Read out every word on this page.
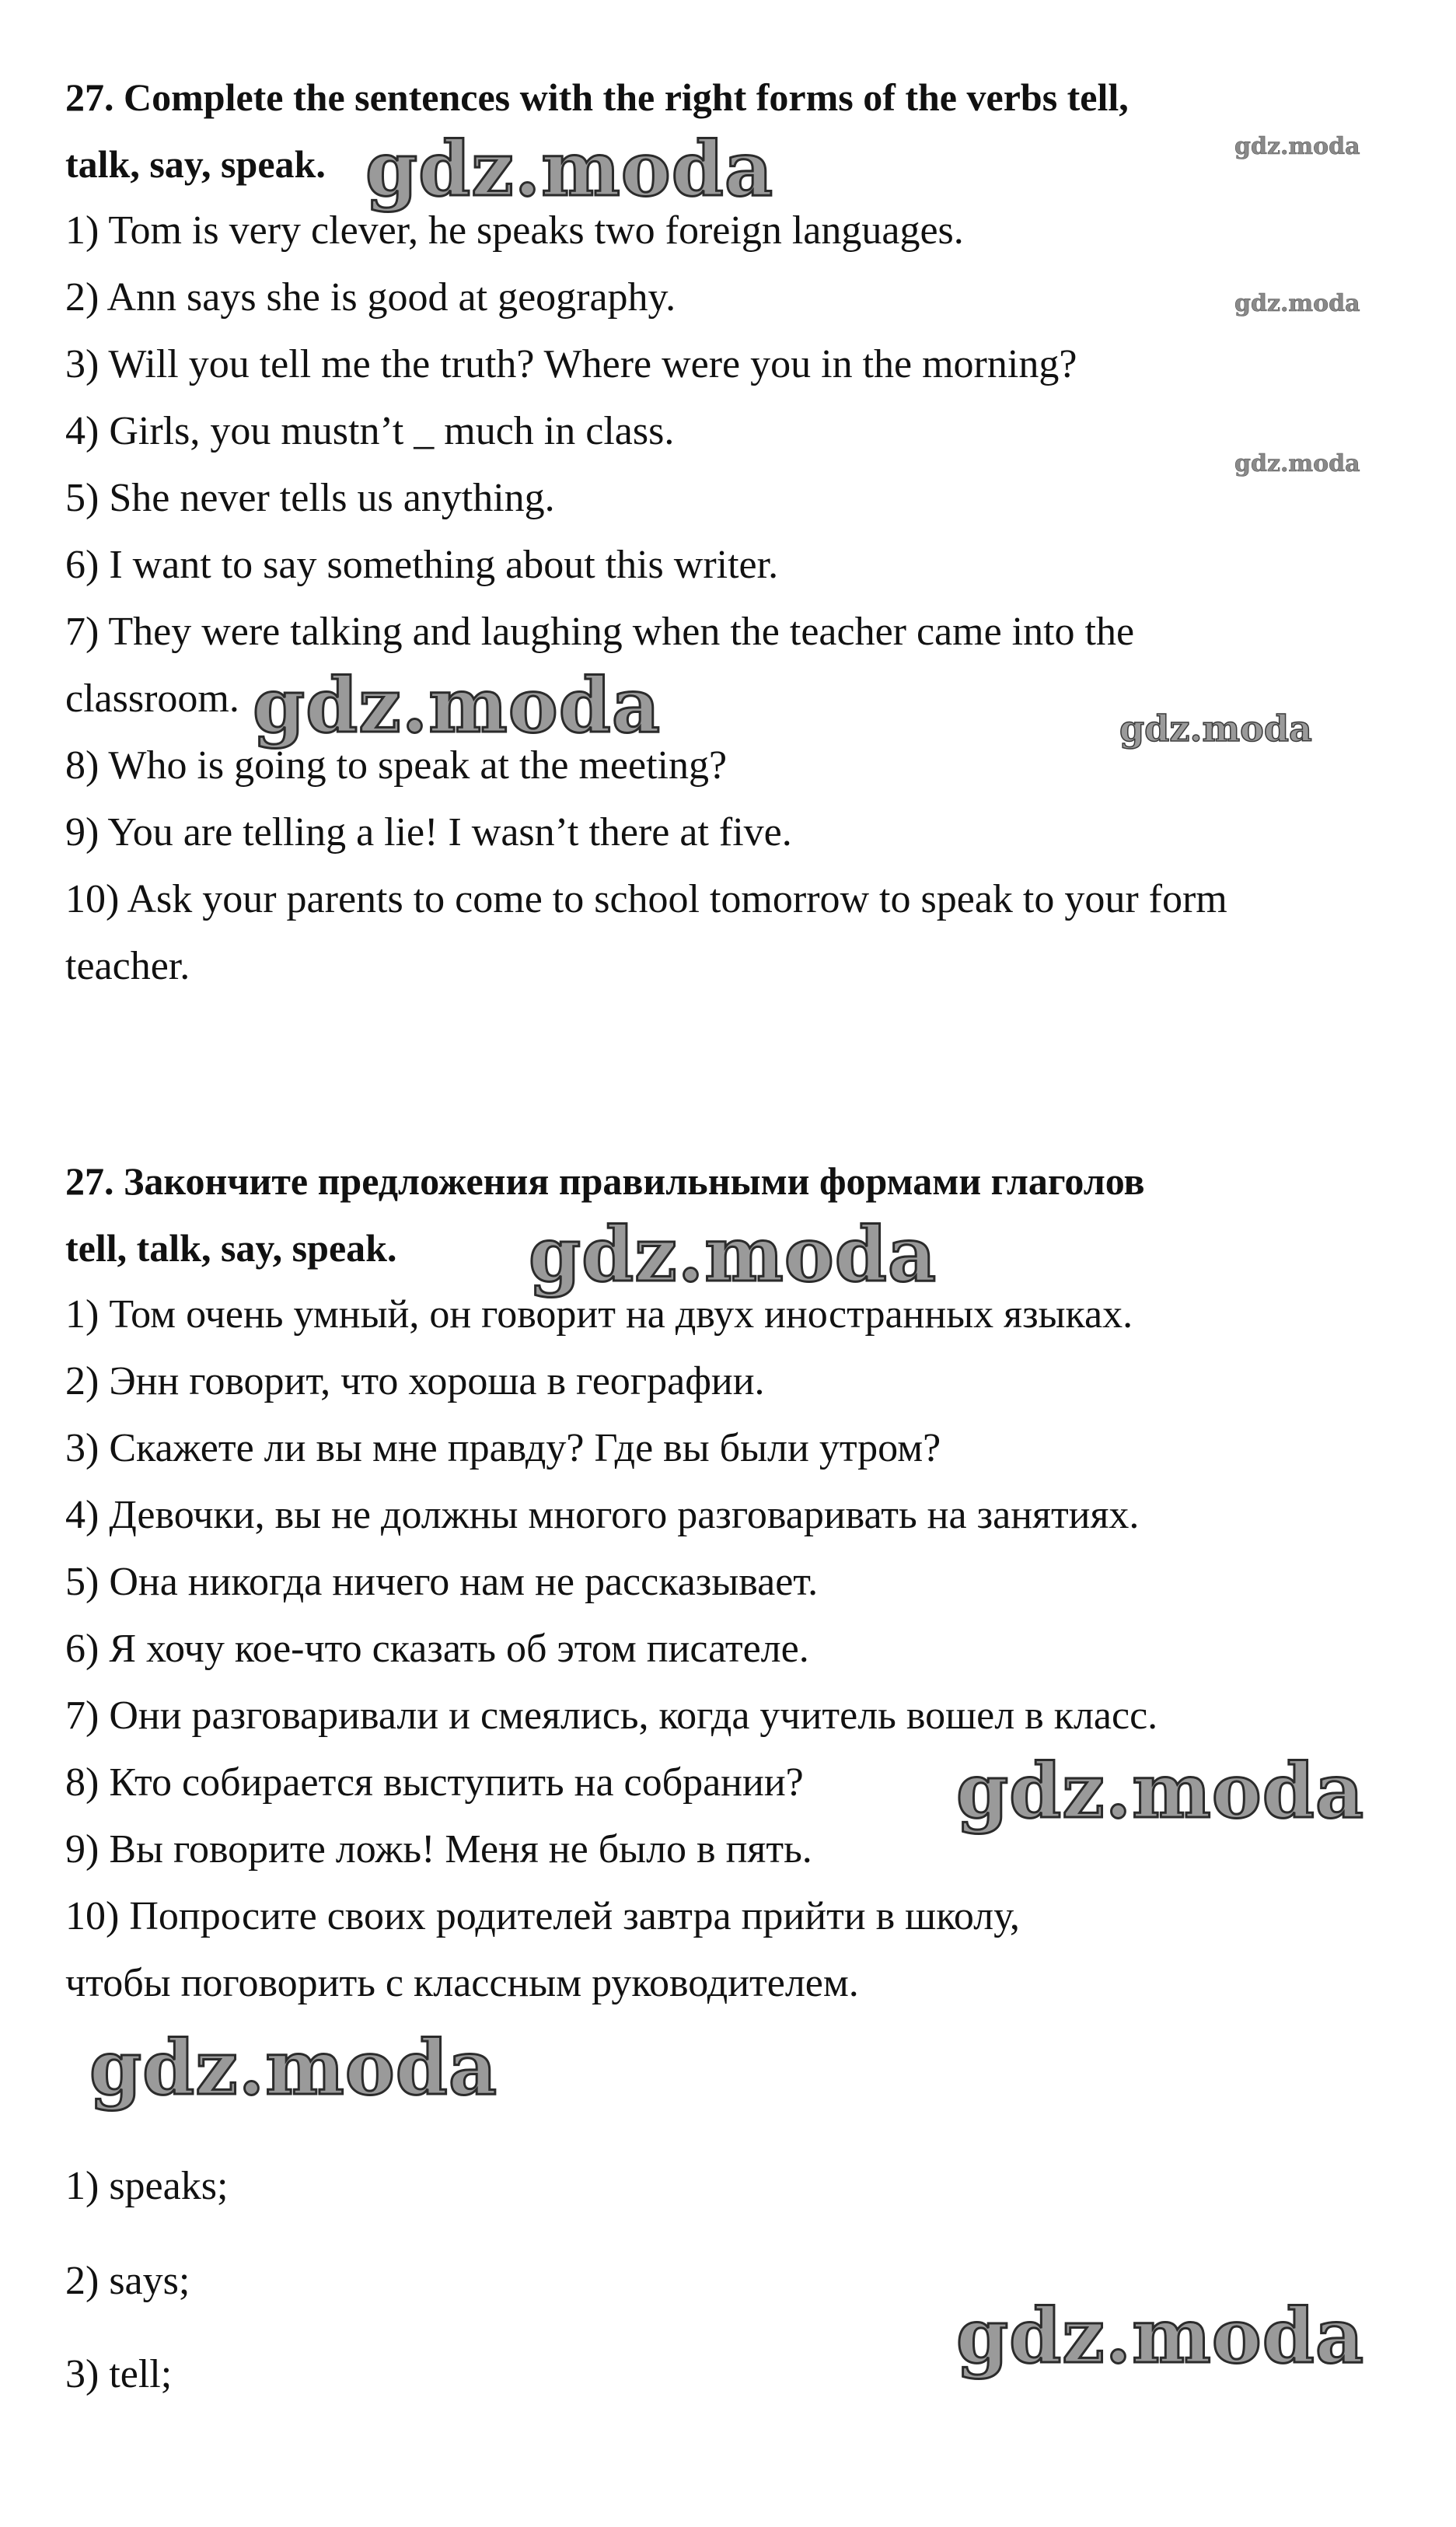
27. Complete the sentences with the right forms of the verbs tell,
talk, say, speak.
1) Tom is very clever, he speaks two foreign languages.
2) Ann says she is good at geography.
3) Will you tell me the truth? Where were you in the morning?
4) Girls, you mustn’t _ much in class.
5) She never tells us anything.
6) I want to say something about this writer.
7) They were talking and laughing when the teacher came into the
classroom.
8) Who is going to speak at the meeting?
9) You are telling a lie! I wasn’t there at five.
10) Ask your parents to come to school tomorrow to speak to your form
teacher.
27. Закончите предложения правильными формами глаголов
tell, talk, say, speak.
1) Том очень умный, он говорит на двух иностранных языках.
2) Энн говорит, что хороша в географии.
3) Скажете ли вы мне правду? Где вы были утром?
4) Девочки, вы не должны многого разговаривать на занятиях.
5) Она никогда ничего нам не рассказывает.
6) Я хочу кое-что сказать об этом писателе.
7) Они разговаривали и смеялись, когда учитель вошел в класс.
8) Кто собирается выступить на собрании?
9) Вы говорите ложь! Меня не было в пять.
10) Попросите своих родителей завтра прийти в школу,
чтобы поговорить с классным руководителем.
1) speaks;
2) says;
3) tell;
gdz.moda	gdz.moda
gdz.moda
gdz.moda
gdz.moda	gdz.moda
gdz.moda
gdz.moda
gdz.moda
gdz.moda
